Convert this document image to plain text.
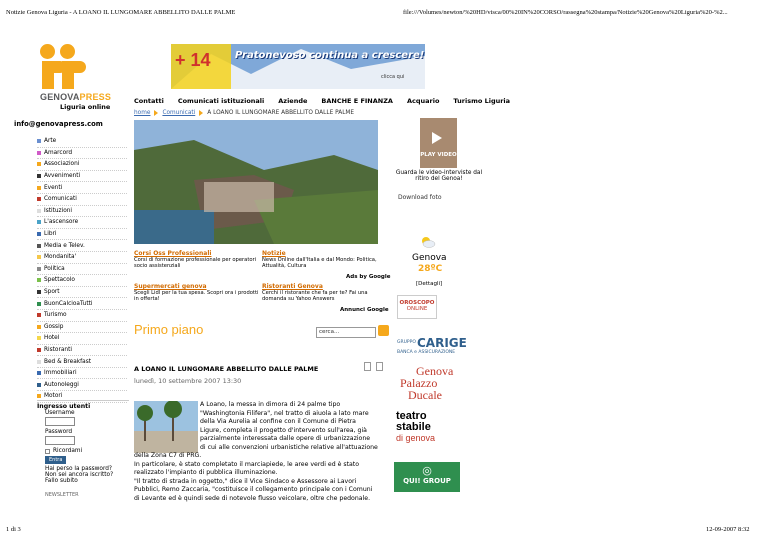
Notizie Genova Liguria - A LOANO IL LUNGOMARE ABBELLITO DALLE PALME	file:///Volumes/newton/%20HD/visca/00%20IN%20CORSO/rassegna%20stampa/Notizie%20Genova%20Liguria%20-%2...
GENOVAPRESS
Liguria online
info@genovapress.com
Arte
Amarcord
Associazioni
Avvenimenti
Eventi
Comunicati
Istituzioni
L'ascensore
Libri
Media e Telev.
Mondanita'
Politica
Spettacolo
Sport
BuonCalcioaTutti
Turismo
Gossip
Hotel
Ristoranti
Bed & Breakfast
Immobiliari
Autonoleggi
Motori
Ingresso utenti
Username
Password
Ricordami
Entra
Hai perso la password?
Non sei ancora iscritto? Fallo subito
NEWSLETTER
+ 14 Pratonevoso continua a crescere!
clicca qui
Contatti Comunicati istituzionali Aziende BANCHE E FINANZA Acquario Turismo Liguria
home Comunicati A LOANO IL LUNGOMARE ABBELLITO DALLE PALME
Corsi Oss Professionali
Corsi di formazione professionale per operatori socio assistenziali
Notizie
News Online dall'Italia e dal Mondo: Politica, Attualità, Cultura
Ads by Google
Supermercati genova
Scegli Lidl per la tua spesa. Scopri ora i prodotti in offerta!
Ristoranti Genova
Cerchi il ristorante che fa per te? Fai una domanda su Yahoo Answers
Annunci Google
Primo piano	cerca...
A LOANO IL LUNGOMARE ABBELLITO DALLE PALME
lunedì, 10 settembre 2007 13:30
A Loano, la messa in dimora di 24 palme tipo
"Washingtonia Filifera", nel tratto di aiuola a lato mare
della Via Aurelia al confine con il Comune di Pietra
Ligure, completa il progetto d'intervento sull'area, già
parzialmente interessata dalle opere di urbanizzazione
di cui alle convenzioni urbanistiche relative all'attuazione
della Zona C7 di PRG.
In particolare, è stato completato il marciapiede, le aree verdi ed è stato
realizzato l'impianto di pubblica illuminazione.
"Il tratto di strada in oggetto," dice il Vice Sindaco e Assessore ai Lavori
Pubblici, Remo Zaccaria, "costituisce il collegamento principale con i Comuni
di Levante ed è quindi sede di notevole flusso veicolare, oltre che pedonale.
PLAY VIDEO
Guarda le video-interviste dal ritiro del Genoa!
Download foto
Genova
28ºC
[Dettagli]
OROSCOPO
ONLINE
GRUPPO CARIGE
BANCA e ASSICURAZIONE
Genova
Palazzo
Ducale
teatro
stabile
di genova
◎
QUI! GROUP
1 di 3	12-09-2007 8:32
